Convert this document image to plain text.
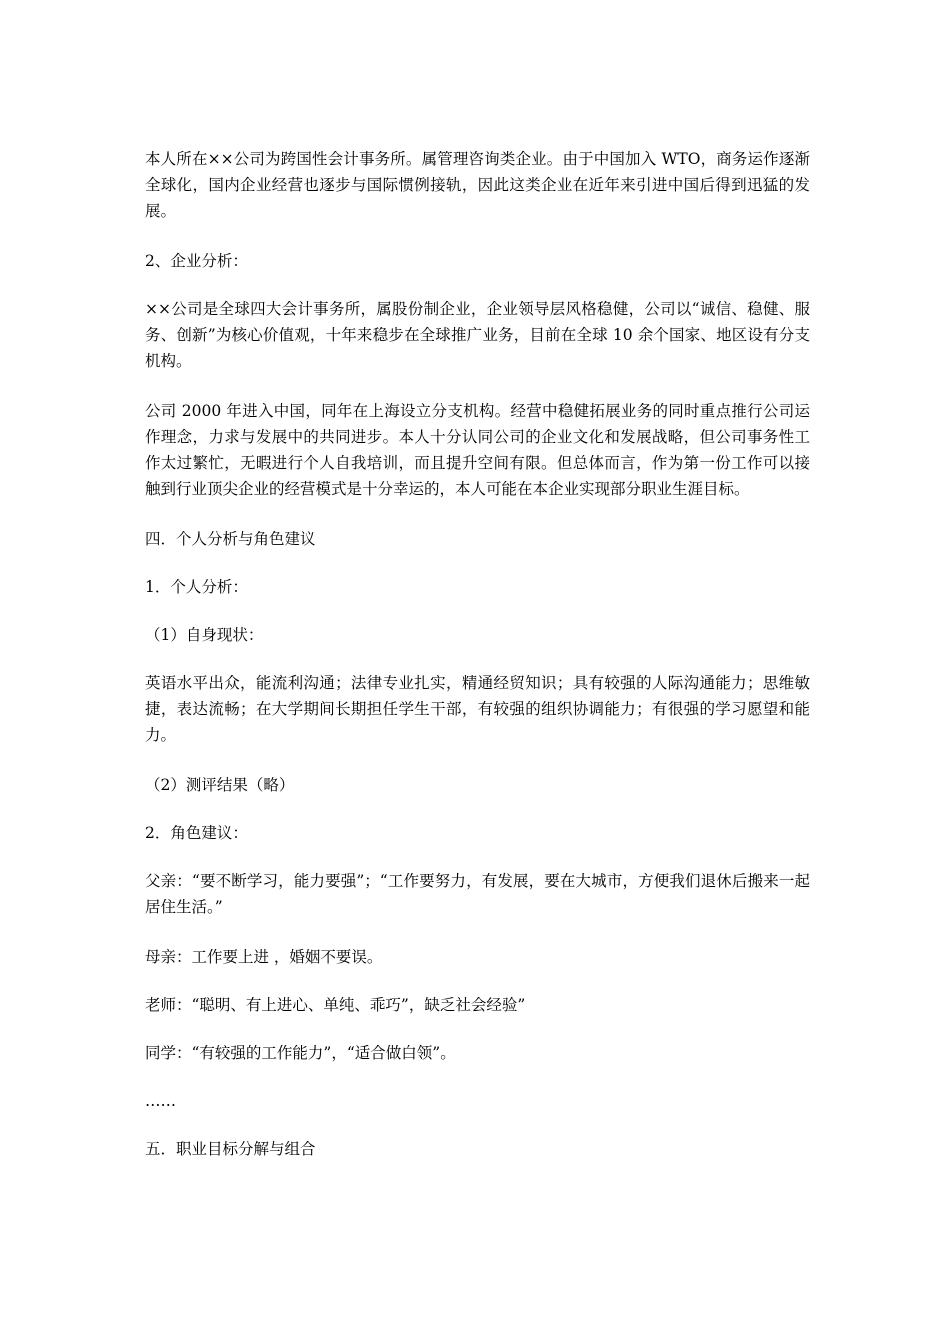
本人所在××公司为跨国性会计事务所。属管理咨询类企业。由于中国加入 WTO，商务运作逐渐全球化，国内企业经营也逐步与国际惯例接轨，因此这类企业在近年来引进中国后得到迅猛的发展。

2、企业分析：

××公司是全球四大会计事务所，属股份制企业，企业领导层风格稳健，公司以“诚信、稳健、服务、创新”为核心价值观，十年来稳步在全球推广业务，目前在全球 10 余个国家、地区设有分支机构。

公司 2000 年进入中国，同年在上海设立分支机构。经营中稳健拓展业务的同时重点推行公司运作理念，力求与发展中的共同进步。本人十分认同公司的企业文化和发展战略，但公司事务性工作太过繁忙，无暇进行个人自我培训，而且提升空间有限。但总体而言，作为第一份工作可以接触到行业顶尖企业的经营模式是十分幸运的，本人可能在本企业实现部分职业生涯目标。

四．个人分析与角色建议

1．个人分析：

（1）自身现状：

英语水平出众，能流利沟通；法律专业扎实，精通经贸知识；具有较强的人际沟通能力；思维敏捷，表达流畅；在大学期间长期担任学生干部，有较强的组织协调能力；有很强的学习愿望和能力。

（2）测评结果（略）

2．角色建议：

父亲：“要不断学习，能力要强”；“工作要努力，有发展，要在大城市，方便我们退休后搬来一起居住生活。”

母亲：工作要上进 ，婚姻不要误。

老师：“聪明、有上进心、单纯、乖巧”，缺乏社会经验”

同学：“有较强的工作能力”，“适合做白领”。

……

五．职业目标分解与组合
